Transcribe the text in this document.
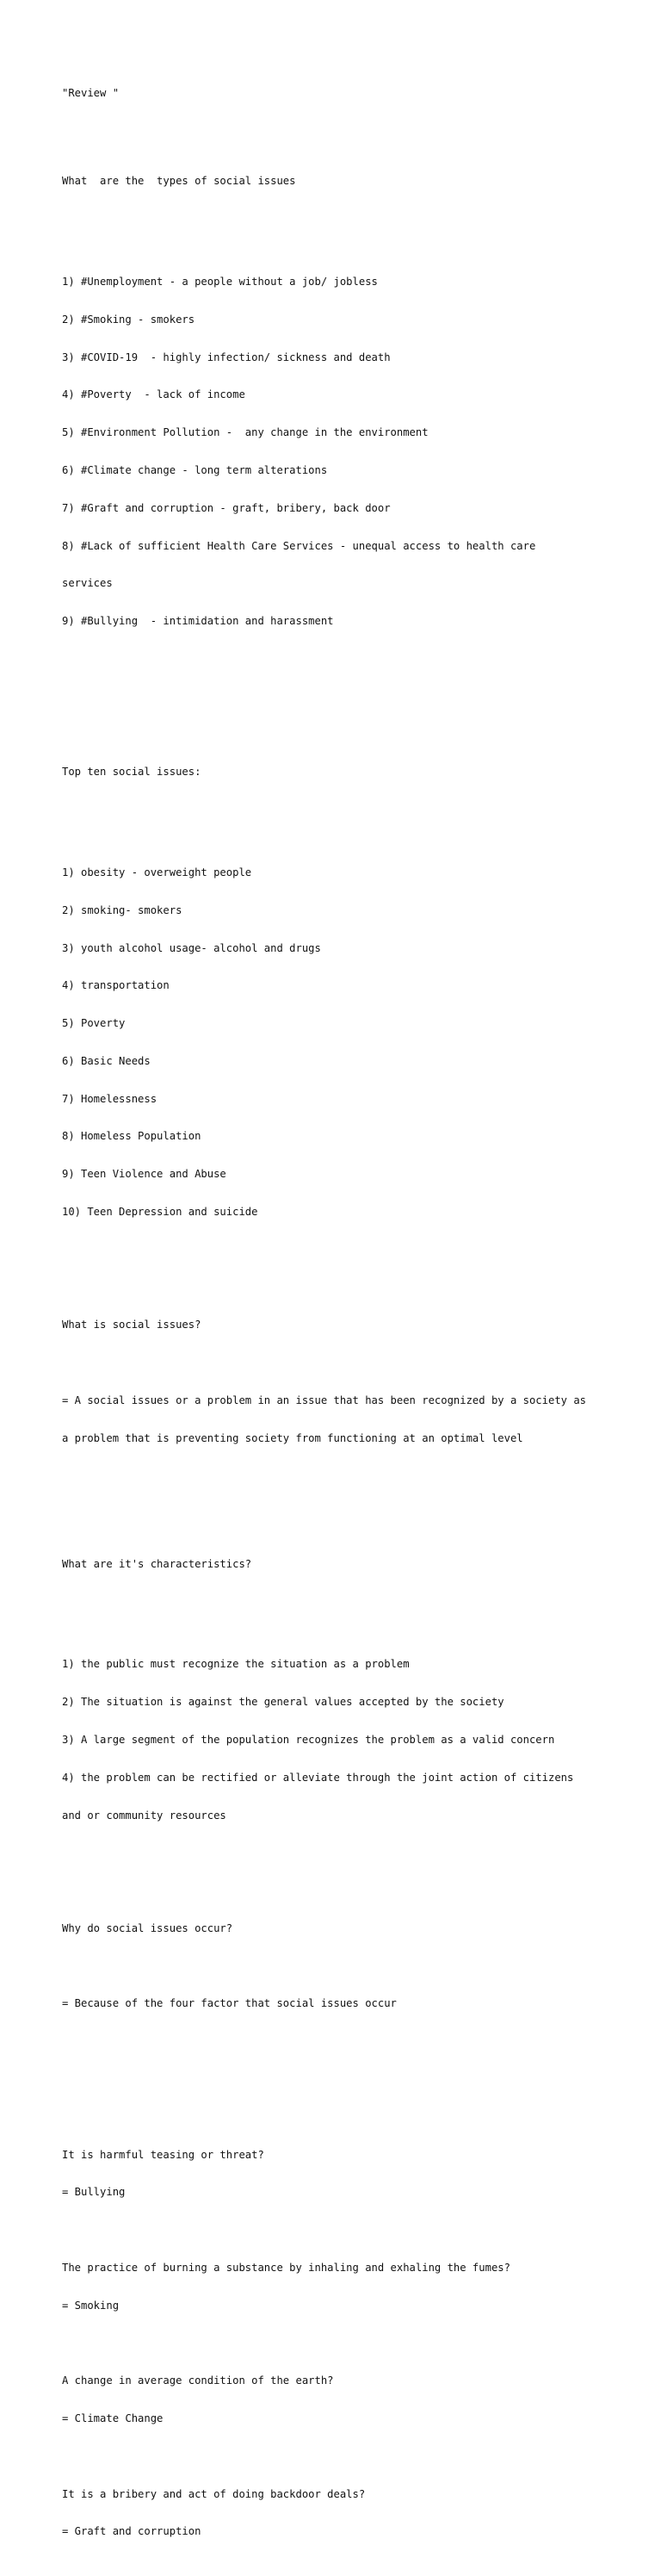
"Review "

What  are the  types of social issues

1) #Unemployment - a people without a job/ jobless

2) #Smoking - smokers

3) #COVID-19  - highly infection/ sickness and death

4) #Poverty  - lack of income

5) #Environment Pollution -  any change in the environment

6) #Climate change - long term alterations

7) #Graft and corruption - graft, bribery, back door

8) #Lack of sufficient Health Care Services - unequal access to health care

services

9) #Bullying  - intimidation and harassment

Top ten social issues:

1) obesity - overweight people

2) smoking- smokers

3) youth alcohol usage- alcohol and drugs

4) transportation

5) Poverty

6) Basic Needs

7) Homelessness

8) Homeless Population

9) Teen Violence and Abuse

10) Teen Depression and suicide

What is social issues?

= A social issues or a problem in an issue that has been recognized by a society as

a problem that is preventing society from functioning at an optimal level

What are it's characteristics?

1) the public must recognize the situation as a problem

2) The situation is against the general values accepted by the society

3) A large segment of the population recognizes the problem as a valid concern

4) the problem can be rectified or alleviate through the joint action of citizens

and or community resources

Why do social issues occur?

= Because of the four factor that social issues occur

It is harmful teasing or threat?

= Bullying

The practice of burning a substance by inhaling and exhaling the fumes?

= Smoking

A change in average condition of the earth?

= Climate Change

It is a bribery and act of doing backdoor deals?

= Graft and corruption
